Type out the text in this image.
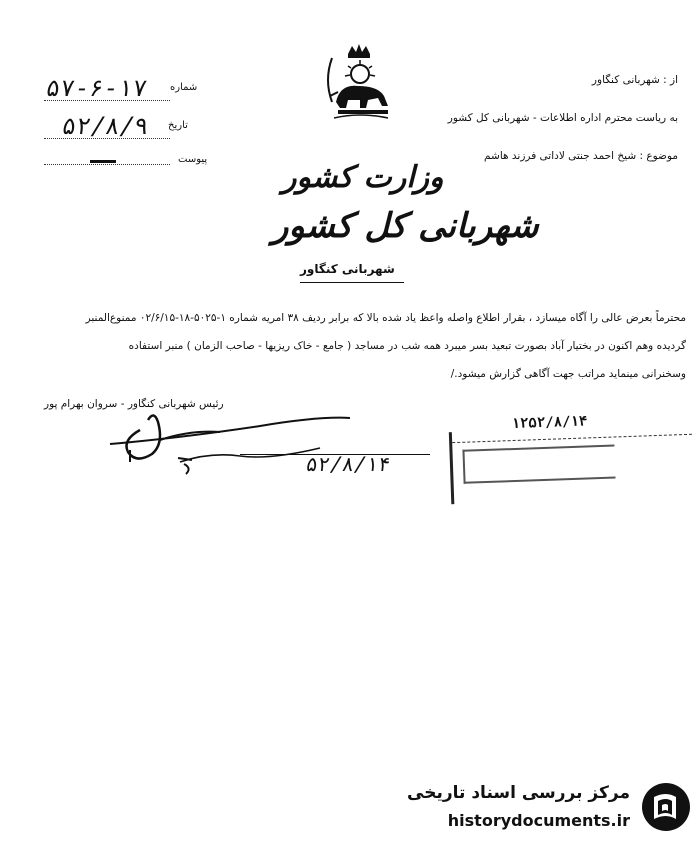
۵۷-۶-۱۷ شماره
۵۲/۸/۹ تاریخ
پیوست
از : شهربانی کنگاور
به ریاست محترم اداره اطلاعات - شهربانی کل کشور
موضوع : شیخ احمد جنتی لاداتی فرزند هاشم
وزارت کشور
شهربانی کل کشور
شهربانی کنگاور
محترماً بعرض عالی را آگاه میسازد ، بقرار اطلاع واصله واعظ یاد شده بالا که برابر ردیف ۳۸ امریه شماره ۱-۵۰۲۵-۱۸-۰۲/۶/۱۵ ممنوع‌المنبر
گردیده وهم اکنون در بختیار آباد بصورت تبعید بسر میبرد همه شب در مساجد ( جامع - خاک ریزیها - صاحب الزمان ) منبر استفاده
وسخنرانی مینماید مراتب جهت آگاهی گزارش میشود./
رئیس شهربانی کنگاور - سروان بهرام پور
۵۲/۸/۱۴
۱۲۵۲/۸/۱۴
مرکز بررسی اسناد تاریخی
historydocuments.ir
